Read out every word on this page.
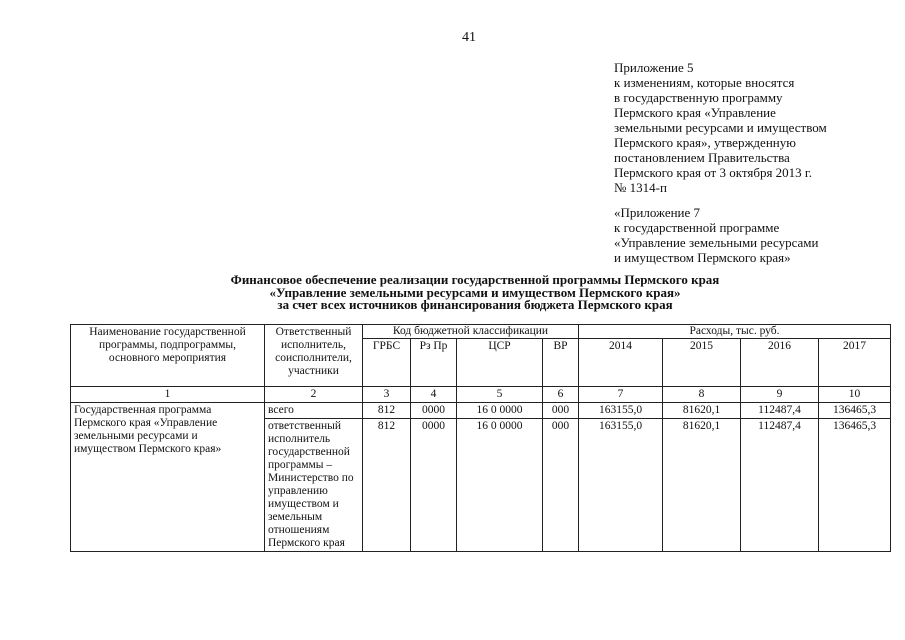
41
Приложение 5
к изменениям, которые вносятся
в государственную программу
Пермского края «Управление
земельными ресурсами и имуществом
Пермского края», утвержденную
постановлением Правительства
Пермского края от 3 октября 2013 г.
№ 1314-п
«Приложение 7
к государственной программе
«Управление земельными ресурсами
и имуществом Пермского края»
Финансовое обеспечение реализации государственной программы Пермского края
«Управление земельными ресурсами и имуществом Пермского края»
за счет всех источников финансирования бюджета Пермского края
Наименование государственной программы, подпрограммы, основного мероприятия	Ответственный исполнитель, соисполнители, участники	Код бюджетной классификации				Расходы, тыс. руб.			
		ГРБС	Рз Пр	ЦСР	ВР	2014	2015	2016	2017
1	2	3	4	5	6	7	8	9	10
Государственная программа Пермского края «Управление земельными ресурсами и имуществом Пермского края»	всего	812	0000	16 0 0000	000	163155,0	81620,1	112487,4	136465,3
	ответственный исполнитель государственной программы – Министерство по управлению имуществом и земельным отношениям Пермского края	812	0000	16 0 0000	000	163155,0	81620,1	112487,4	136465,3
